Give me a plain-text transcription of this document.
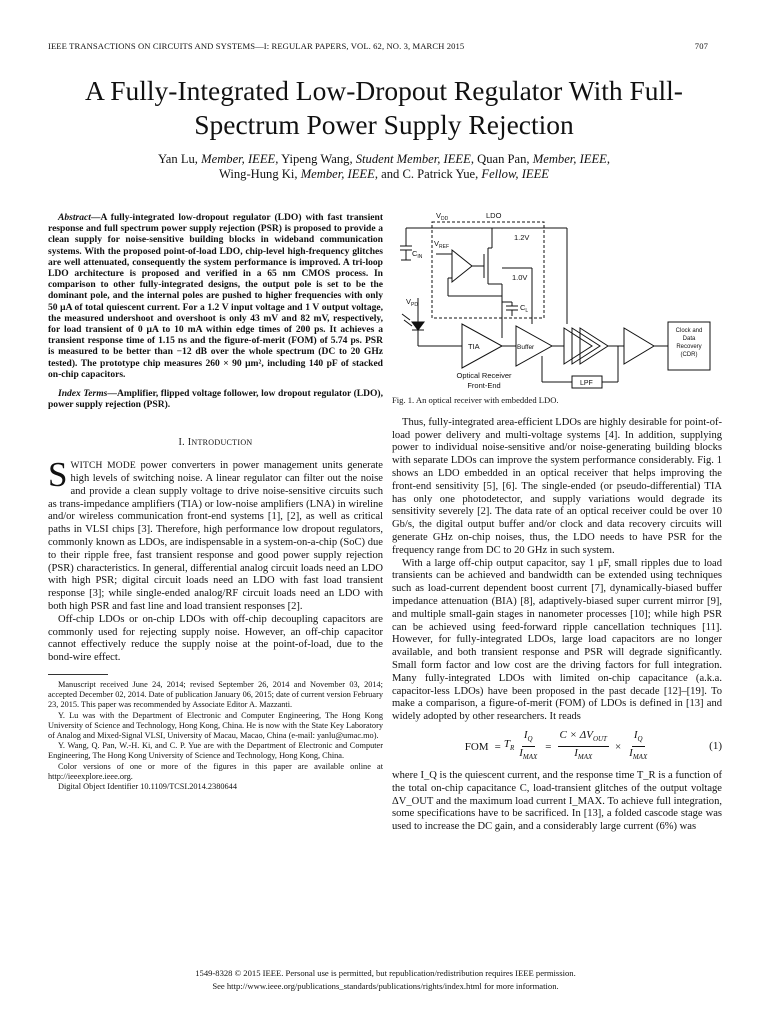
IEEE TRANSACTIONS ON CIRCUITS AND SYSTEMS—I: REGULAR PAPERS, VOL. 62, NO. 3, MARCH 2015	707
A Fully-Integrated Low-Dropout Regulator With Full-Spectrum Power Supply Rejection
Yan Lu, Member, IEEE, Yipeng Wang, Student Member, IEEE, Quan Pan, Member, IEEE,
Wing-Hung Ki, Member, IEEE, and C. Patrick Yue, Fellow, IEEE

Abstract—A fully-integrated low-dropout regulator (LDO) with fast transient response and full spectrum power supply rejection (PSR) is proposed to provide a clean supply for noise-sensitive building blocks in wideband communication systems. With the proposed point-of-load LDO, chip-level high-frequency glitches are well attenuated, consequently the system performance is improved. A tri-loop LDO architecture is proposed and verified in a 65 nm CMOS process. In comparison to other fully-integrated designs, the output pole is set to be the dominant pole, and the internal poles are pushed to higher frequencies with only 50 μA of total quiescent current. For a 1.2 V input voltage and 1 V output voltage, the measured undershoot and overshoot is only 43 mV and 82 mV, respectively, for load transient of 0 μA to 10 mA within edge times of 200 ps. It achieves a transient response time of 1.15 ns and the figure-of-merit (FOM) of 5.74 ps. PSR is measured to be better than −12 dB over the whole spectrum (DC to 20 GHz tested). The prototype chip measures 260 × 90 μm², including 140 pF of stacked on-chip capacitors.

Index Terms—Amplifier, flipped voltage follower, low dropout regulator (LDO), power supply rejection (PSR).

I. INTRODUCTION

SWITCH MODE power converters in power management units generate high levels of switching noise. A linear regulator can filter out the noise and provide a clean supply voltage to drive noise-sensitive circuits such as trans-impedance amplifiers (TIA) or low-noise amplifiers (LNA) in wireline and/or wireless communication front-end systems [1], [2], as well as critical paths in VLSI chips [3]. Therefore, high performance low dropout regulators, commonly known as LDOs, are indispensable in a system-on-a-chip (SoC) due to their ripple free, fast transient response and good power supply rejection (PSR) characteristics. In general, differential analog circuit loads need an LDO with high PSR; digital circuit loads need an LDO with fast load transient response [3]; while single-ended analog/RF circuit loads need an LDO with both high PSR and fast line and load transient responses [2].

Off-chip LDOs or on-chip LDOs with off-chip decoupling capacitors are commonly used for rejecting supply noise. However, an off-chip capacitor cannot effectively reduce the supply noise at the point-of-load, due to the bond-wire effect.

Manuscript received June 24, 2014; revised September 26, 2014 and November 03, 2014; accepted December 02, 2014. Date of publication January 06, 2015; date of current version February 23, 2015. This paper was recommended by Associate Editor A. Mazzanti.

Y. Lu was with the Department of Electronic and Computer Engineering, The Hong Kong University of Science and Technology, Hong Kong, China. He is now with the State Key Laboratory of Analog and Mixed-Signal VLSI, University of Macau, Macao, China (e-mail: yanlu@umac.mo).

Y. Wang, Q. Pan, W.-H. Ki, and C. P. Yue are with the Department of Electronic and Computer Engineering, The Hong Kong University of Science and Technology, Hong Kong, China.

Color versions of one or more of the figures in this paper are available online at http://ieeexplore.ieee.org.

Digital Object Identifier 10.1109/TCSI.2014.2380644

$V_{DD}$	LDO
$C_{IN}$
$V_{REF}$
1.2V
1.0V
$C_L$
$V_{PD}$
TIA	Buffer
Clock and
Data
Recovery
(CDR)
LPF
Optical Receiver
Front-End

Fig. 1. An optical receiver with embedded LDO.

Thus, fully-integrated area-efficient LDOs are highly desirable for point-of-load power delivery and multi-voltage systems [4]. In addition, supplying power to individual noise-sensitive and/or noise-generating building blocks with separate LDOs can improve the system performance considerably. Fig. 1 shows an LDO embedded in an optical receiver that helps improving the front-end sensitivity [5], [6]. The single-ended (or pseudo-differential) TIA has only one photodetector, and supply variations would degrade its sensitivity severely [2]. The data rate of an optical receiver could be over 10 Gb/s, the digital output buffer and/or clock and data recovery circuits will generate GHz on-chip noises, thus, the LDO needs to have PSR for the frequency range from DC to 20 GHz in such system.

With a large off-chip output capacitor, say 1 μF, small ripples due to load transients can be achieved and bandwidth can be extended using techniques such as load-current dependent boost current [7], dynamically-biased buffer impedance attenuation (BIA) [8], adaptively-biased super current mirror [9], and multiple small-gain stages in nanometer processes [10]; while high PSR can be achieved using feed-forward ripple cancellation techniques [11]. However, for fully-integrated LDOs, large load capacitors are no longer available, and both transient response and PSR will degrade significantly. Small form factor and low cost are the driving factors for full integration. Many fully-integrated LDOs with limited on-chip capacitance (a.k.a. capacitor-less LDOs) have been proposed in the past decade [12]–[19]. To make a comparison, a figure-of-merit (FOM) of LDOs is defined in [13] and widely adopted by other researchers. It reads

FOM = $T_R \frac{I_Q}{I_{MAX}} = \frac{C \times \Delta V_{OUT}}{I_{MAX}} \times \frac{I_Q}{I_{MAX}}$	(1)

where I_Q is the quiescent current, and the response time T_R is a function of the total on-chip capacitance C, load-transient glitches of the output voltage ΔV_OUT and the maximum load current I_MAX. To achieve full integration, some specifications have to be sacrificed. In [13], a folded cascode stage was used to increase the DC gain, and a considerably large current (6%) was

1549-8328 © 2015 IEEE. Personal use is permitted, but republication/redistribution requires IEEE permission.
See http://www.ieee.org/publications_standards/publications/rights/index.html for more information.
